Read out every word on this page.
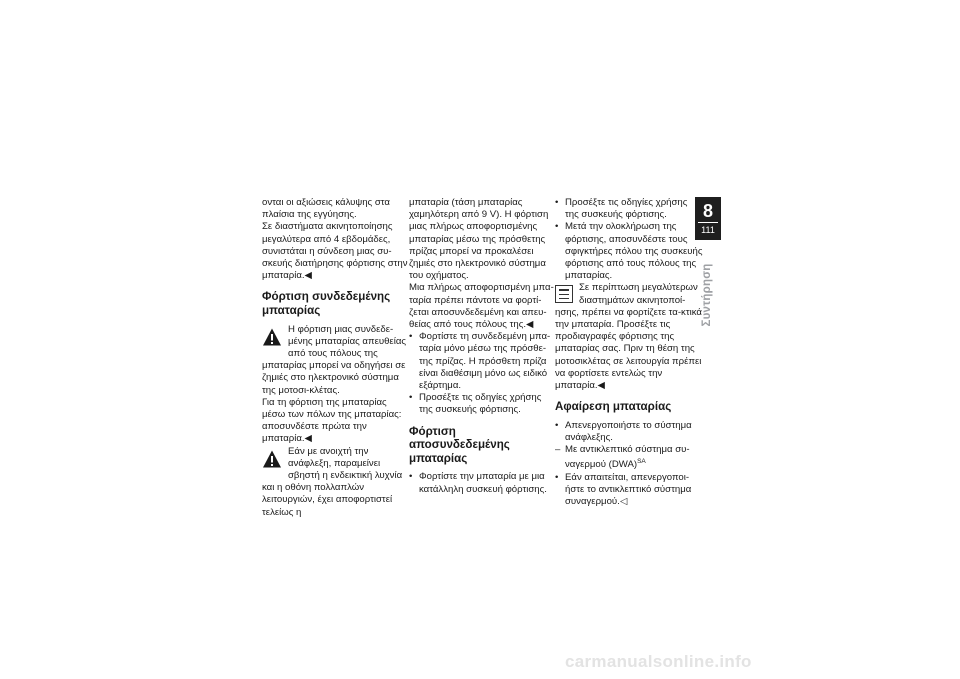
ονται οι αξιώσεις κάλυψης στα πλαίσια της εγγύησης.

Σε διαστήματα ακινητοποίησης μεγαλύτερα από 4 εβδομάδες, συνιστάται η σύνδεση μιας συ-σκευής διατήρησης φόρτισης στην μπαταρία.◀

Φόρτιση συνδεδεμένης μπαταρίας

Η φόρτιση μιας συνδεδε-μένης μπαταρίας απευθείας από τους πόλους της μπαταρίας μπορεί να οδηγήσει σε ζημιές στο ηλεκτρονικό σύστημα της μοτοσι-κλέτας.

Για τη φόρτιση της μπαταρίας μέσω των πόλων της μπαταρίας: αποσυνδέστε πρώτα την μπαταρία.◀

Εάν με ανοιχτή την ανάφλεξη, παραμείνει σβηστή η ενδεικτική λυχνία και η οθόνη πολλαπλών λειτουργιών, έχει αποφορτιστεί τελείως η

μπαταρία (τάση μπαταρίας χαμηλότερη από 9 V). Η φόρτιση μιας πλήρως αποφορτισμένης μπαταρίας μέσω της πρόσθετης πρίζας μπορεί να προκαλέσει ζημιές στο ηλεκτρονικό σύστημα του οχήματος.

Μια πλήρως αποφορτισμένη μπα-ταρία πρέπει πάντοτε να φορτί-ζεται αποσυνδεδεμένη και απευ-θείας από τους πόλους της.◀

• Φορτίστε τη συνδεδεμένη μπα-ταρία μόνο μέσω της πρόσθε-της πρίζας. Η πρόσθετη πρίζα είναι διαθέσιμη μόνο ως ειδικό εξάρτημα.
• Προσέξτε τις οδηγίες χρήσης της συσκευής φόρτισης.
Φόρτιση αποσυνδεδεμένης μπαταρίας
• Φορτίστε την μπαταρία με μια κατάλληλη συσκευή φόρτισης.
• Προσέξτε τις οδηγίες χρήσης της συσκευής φόρτισης.
• Μετά την ολοκλήρωση της φόρτισης, αποσυνδέστε τους σφιγκτήρες πόλου της συσκευής φόρτισης από τους πόλους της μπαταρίας.

Σε περίπτωση μεγαλύτερων διαστημάτων ακινητοποί-ησης, πρέπει να φορτίζετε τα-κτικά την μπαταρία. Προσέξτε τις προδιαγραφές φόρτισης της μπαταρίας σας. Πριν τη θέση της μοτοσικλέτας σε λειτουργία πρέπει να φορτίσετε εντελώς την μπαταρία.◀

Αφαίρεση μπαταρίας
• Απενεργοποιήστε το σύστημα ανάφλεξης.
– Με αντικλεπτικό σύστημα συ-ναγερμού (DWA)$^{SA}$
• Εάν απαιτείται, απενεργοποι-ήστε το αντικλεπτικό σύστημα συναγερμού.◁
8
111
Συντήρηση
carmanualsonline.info
